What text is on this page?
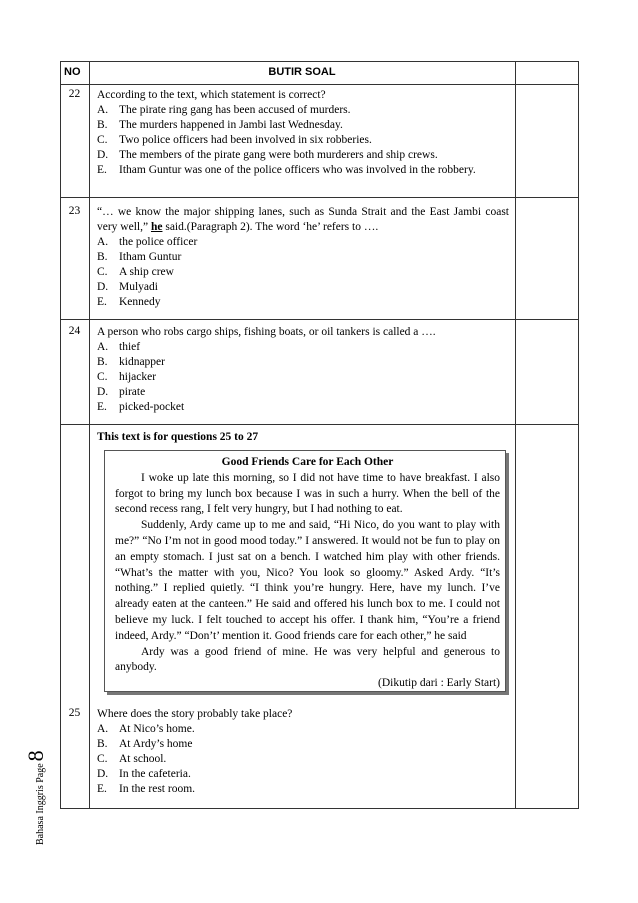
NO	BUTIR SOAL
22	According to the text, which statement is correct?

A. The pirate ring gang has been accused of murders.
B. The murders happened in Jambi last Wednesday.
C. Two police officers had been involved in six robberies.
D. The members of the pirate gang were both murderers and ship crews.
E.	Itham Guntur was one of the police officers who was involved in the robbery.
23	“… we know the major shipping lanes, such as Sunda Strait and the East Jambi coast very well,” he said.(Paragraph 2). The word ‘he’ refers to ….

A. the police officer
B. Itham Guntur
C. A ship crew
D. Mulyadi
E.	Kennedy
24	A person who robs cargo ships, fishing boats, or oil tankers is called a ….

A. thief
B. kidnapper
C. hijacker
D. pirate
E.	picked-pocket
This text is for questions 25 to 27
Good Friends Care for Each Other
I woke up late this morning, so I did not have time to have breakfast. I also forgot to bring my lunch box because I was in such a hurry. When the bell of the second recess rang, I felt very hungry, but I had nothing to eat.
Suddenly, Ardy came up to me and said, “Hi Nico, do you want to play with me?” “No I’m not in good mood today.” I answered. It would not be fun to play on an empty stomach. I just sat on a bench. I watched him play with other friends. “What’s the matter with you, Nico? You look so gloomy.” Asked Ardy. “It’s nothing.” I replied quietly. “I think you’re hungry. Here, have my lunch. I’ve already eaten at the canteen.” He said and offered his lunch box to me. I could not believe my luck. I felt touched to accept his offer. I thank him, “You’re a friend indeed, Ardy.” “Don’t’ mention it. Good friends care for each other,” he said
Ardy was a good friend of mine. He was very helpful and generous to anybody.
(Dikutip dari : Early Start)
25	Where does the story probably take place?

A. At Nico’s home.
B. At Ardy’s home
C. At school.
D. In the cafeteria.
E.	In the rest room.
Bahasa Inggris Page
8
